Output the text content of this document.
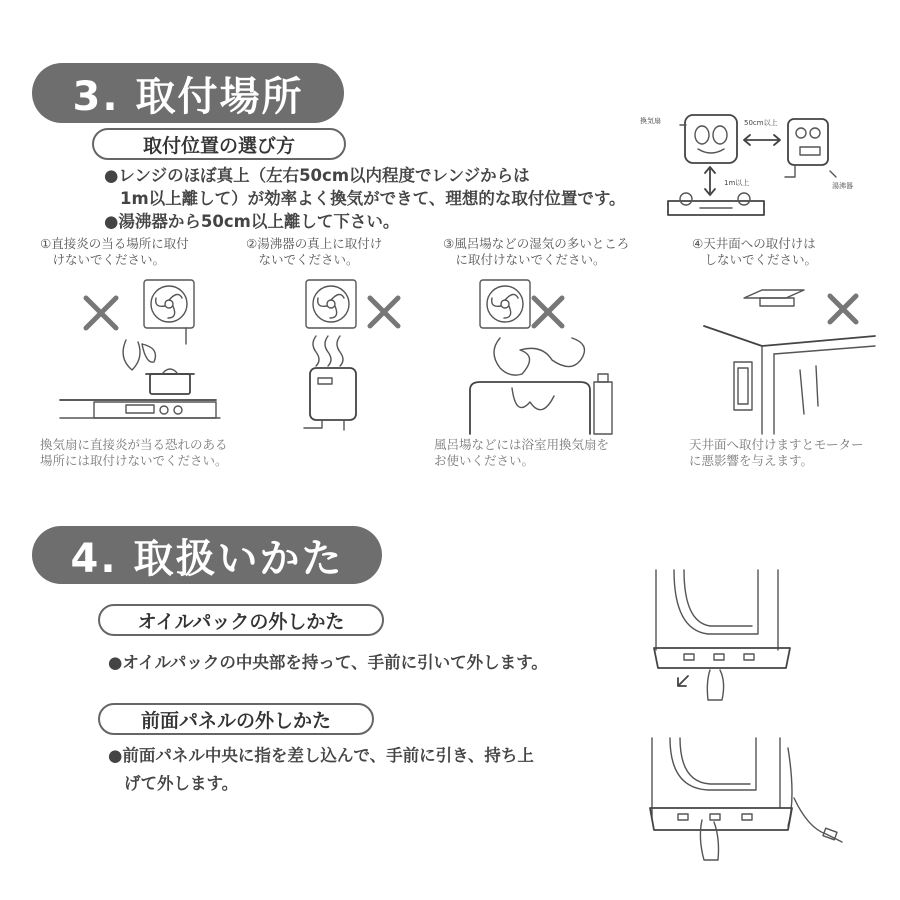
3. 取付場所
取付位置の選び方
●レンジのほぼ真上（左右50cm以内程度でレンジからは
1m以上離して）が効率よく換気ができて、理想的な取付位置です。
●湯沸器から50cm以上離して下さい。
換気扇	50cm以上
1m以上	湯沸器
①直接炎の当る場所に取付
　けないでください。
②湯沸器の真上に取付け
　ないでください。
③風呂場などの湿気の多いところ
　に取付けないでください。
④天井面への取付けは
　しないでください。
換気扇に直接炎が当る恐れのある
場所には取付けないでください。
風呂場などには浴室用換気扇を
お使いください。
天井面へ取付けますとモーター
に悪影響を与えます。
4. 取扱いかた
オイルパックの外しかた
●オイルパックの中央部を持って、手前に引いて外します。
前面パネルの外しかた
●前面パネル中央に指を差し込んで、手前に引き、持ち上
げて外します。
